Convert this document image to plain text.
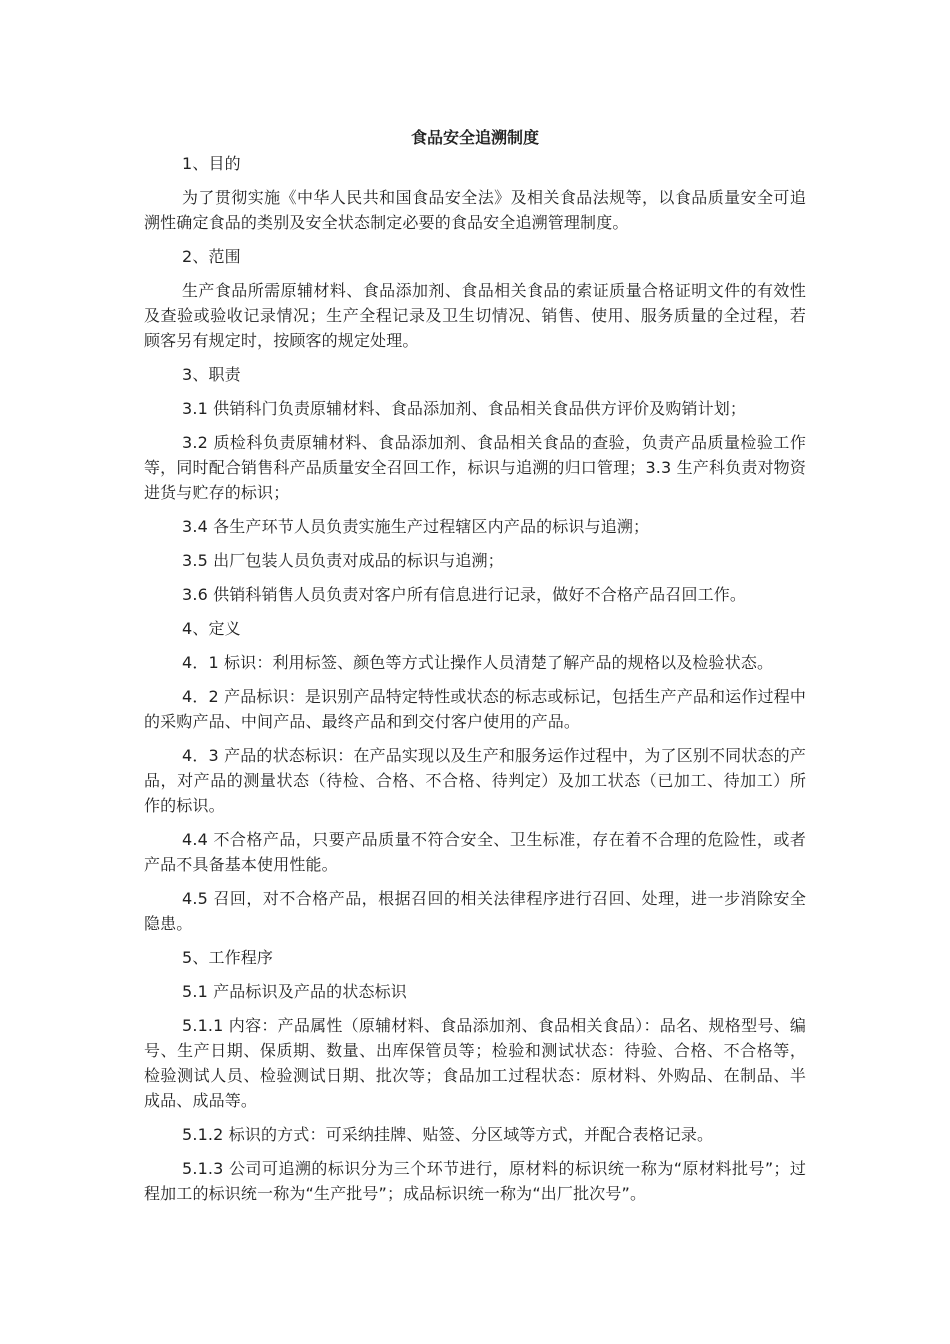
食品安全追溯制度

1、目的

为了贯彻实施《中华人民共和国食品安全法》及相关食品法规等，以食品质量安全可追溯性确定食品的类别及安全状态制定必要的食品安全追溯管理制度。

2、范围

生产食品所需原辅材料、食品添加剂、食品相关食品的索证质量合格证明文件的有效性及查验或验收记录情况；生产全程记录及卫生切情况、销售、使用、服务质量的全过程，若顾客另有规定时，按顾客的规定处理。

3、职责

3.1 供销科门负责原辅材料、食品添加剂、食品相关食品供方评价及购销计划；

3.2 质检科负责原辅材料、食品添加剂、食品相关食品的查验，负责产品质量检验工作等，同时配合销售科产品质量安全召回工作，标识与追溯的归口管理；3.3 生产科负责对物资进货与贮存的标识；

3.4 各生产环节人员负责实施生产过程辖区内产品的标识与追溯；

3.5 出厂包装人员负责对成品的标识与追溯；

3.6 供销科销售人员负责对客户所有信息进行记录，做好不合格产品召回工作。

4、定义

4．1 标识：利用标签、颜色等方式让操作人员清楚了解产品的规格以及检验状态。

4．2 产品标识：是识别产品特定特性或状态的标志或标记，包括生产产品和运作过程中的采购产品、中间产品、最终产品和到交付客户使用的产品。

4．3 产品的状态标识：在产品实现以及生产和服务运作过程中，为了区别不同状态的产品，对产品的测量状态（待检、合格、不合格、待判定）及加工状态（已加工、待加工）所作的标识。

4.4 不合格产品，只要产品质量不符合安全、卫生标准，存在着不合理的危险性，或者产品不具备基本使用性能。

4.5 召回，对不合格产品，根据召回的相关法律程序进行召回、处理，进一步消除安全隐患。

5、工作程序

5.1 产品标识及产品的状态标识

5.1.1 内容：产品属性（原辅材料、食品添加剂、食品相关食品）：品名、规格型号、编号、生产日期、保质期、数量、出库保管员等；检验和测试状态：待验、合格、不合格等，检验测试人员、检验测试日期、批次等；食品加工过程状态：原材料、外购品、在制品、半成品、成品等。

5.1.2 标识的方式：可采纳挂牌、贴签、分区域等方式，并配合表格记录。

5.1.3 公司可追溯的标识分为三个环节进行，原材料的标识统一称为“原材料批号”；过程加工的标识统一称为“生产批号”；成品标识统一称为“出厂批次号”。
